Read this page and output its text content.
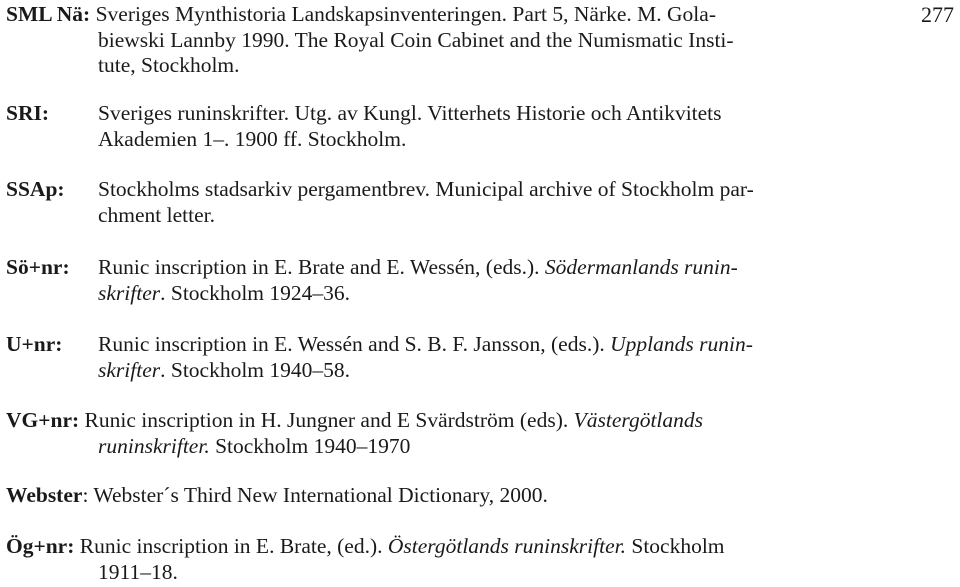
277
SML Nä: Sveriges Mynthistoria Landskapsinventeringen. Part 5, Närke. M. Gola-
biewski Lannby 1990. The Royal Coin Cabinet and the Numismatic Insti-
tute, Stockholm.
SRI:	Sveriges runinskrifter. Utg. av Kungl. Vitterhets Historie och Antikvitets
Akademien 1–. 1900 ff. Stockholm.
SSAp:	Stockholms stadsarkiv pergamentbrev. Municipal archive of Stockholm par-
chment letter.
Sö+nr:	Runic inscription in E. Brate and E. Wessén, (eds.). Södermanlands runin-
skrifter. Stockholm 1924–36.
U+nr:	Runic inscription in E. Wessén and S. B. F. Jansson, (eds.). Upplands runin-
skrifter. Stockholm 1940–58.
VG+nr: Runic inscription in H. Jungner and E Svärdström (eds). Västergötlands
runinskrifter. Stockholm 1940–1970
Webster: Webster´s Third New International Dictionary, 2000.
Ög+nr: Runic inscription in E. Brate, (ed.). Östergötlands runinskrifter. Stockholm
1911–18.
